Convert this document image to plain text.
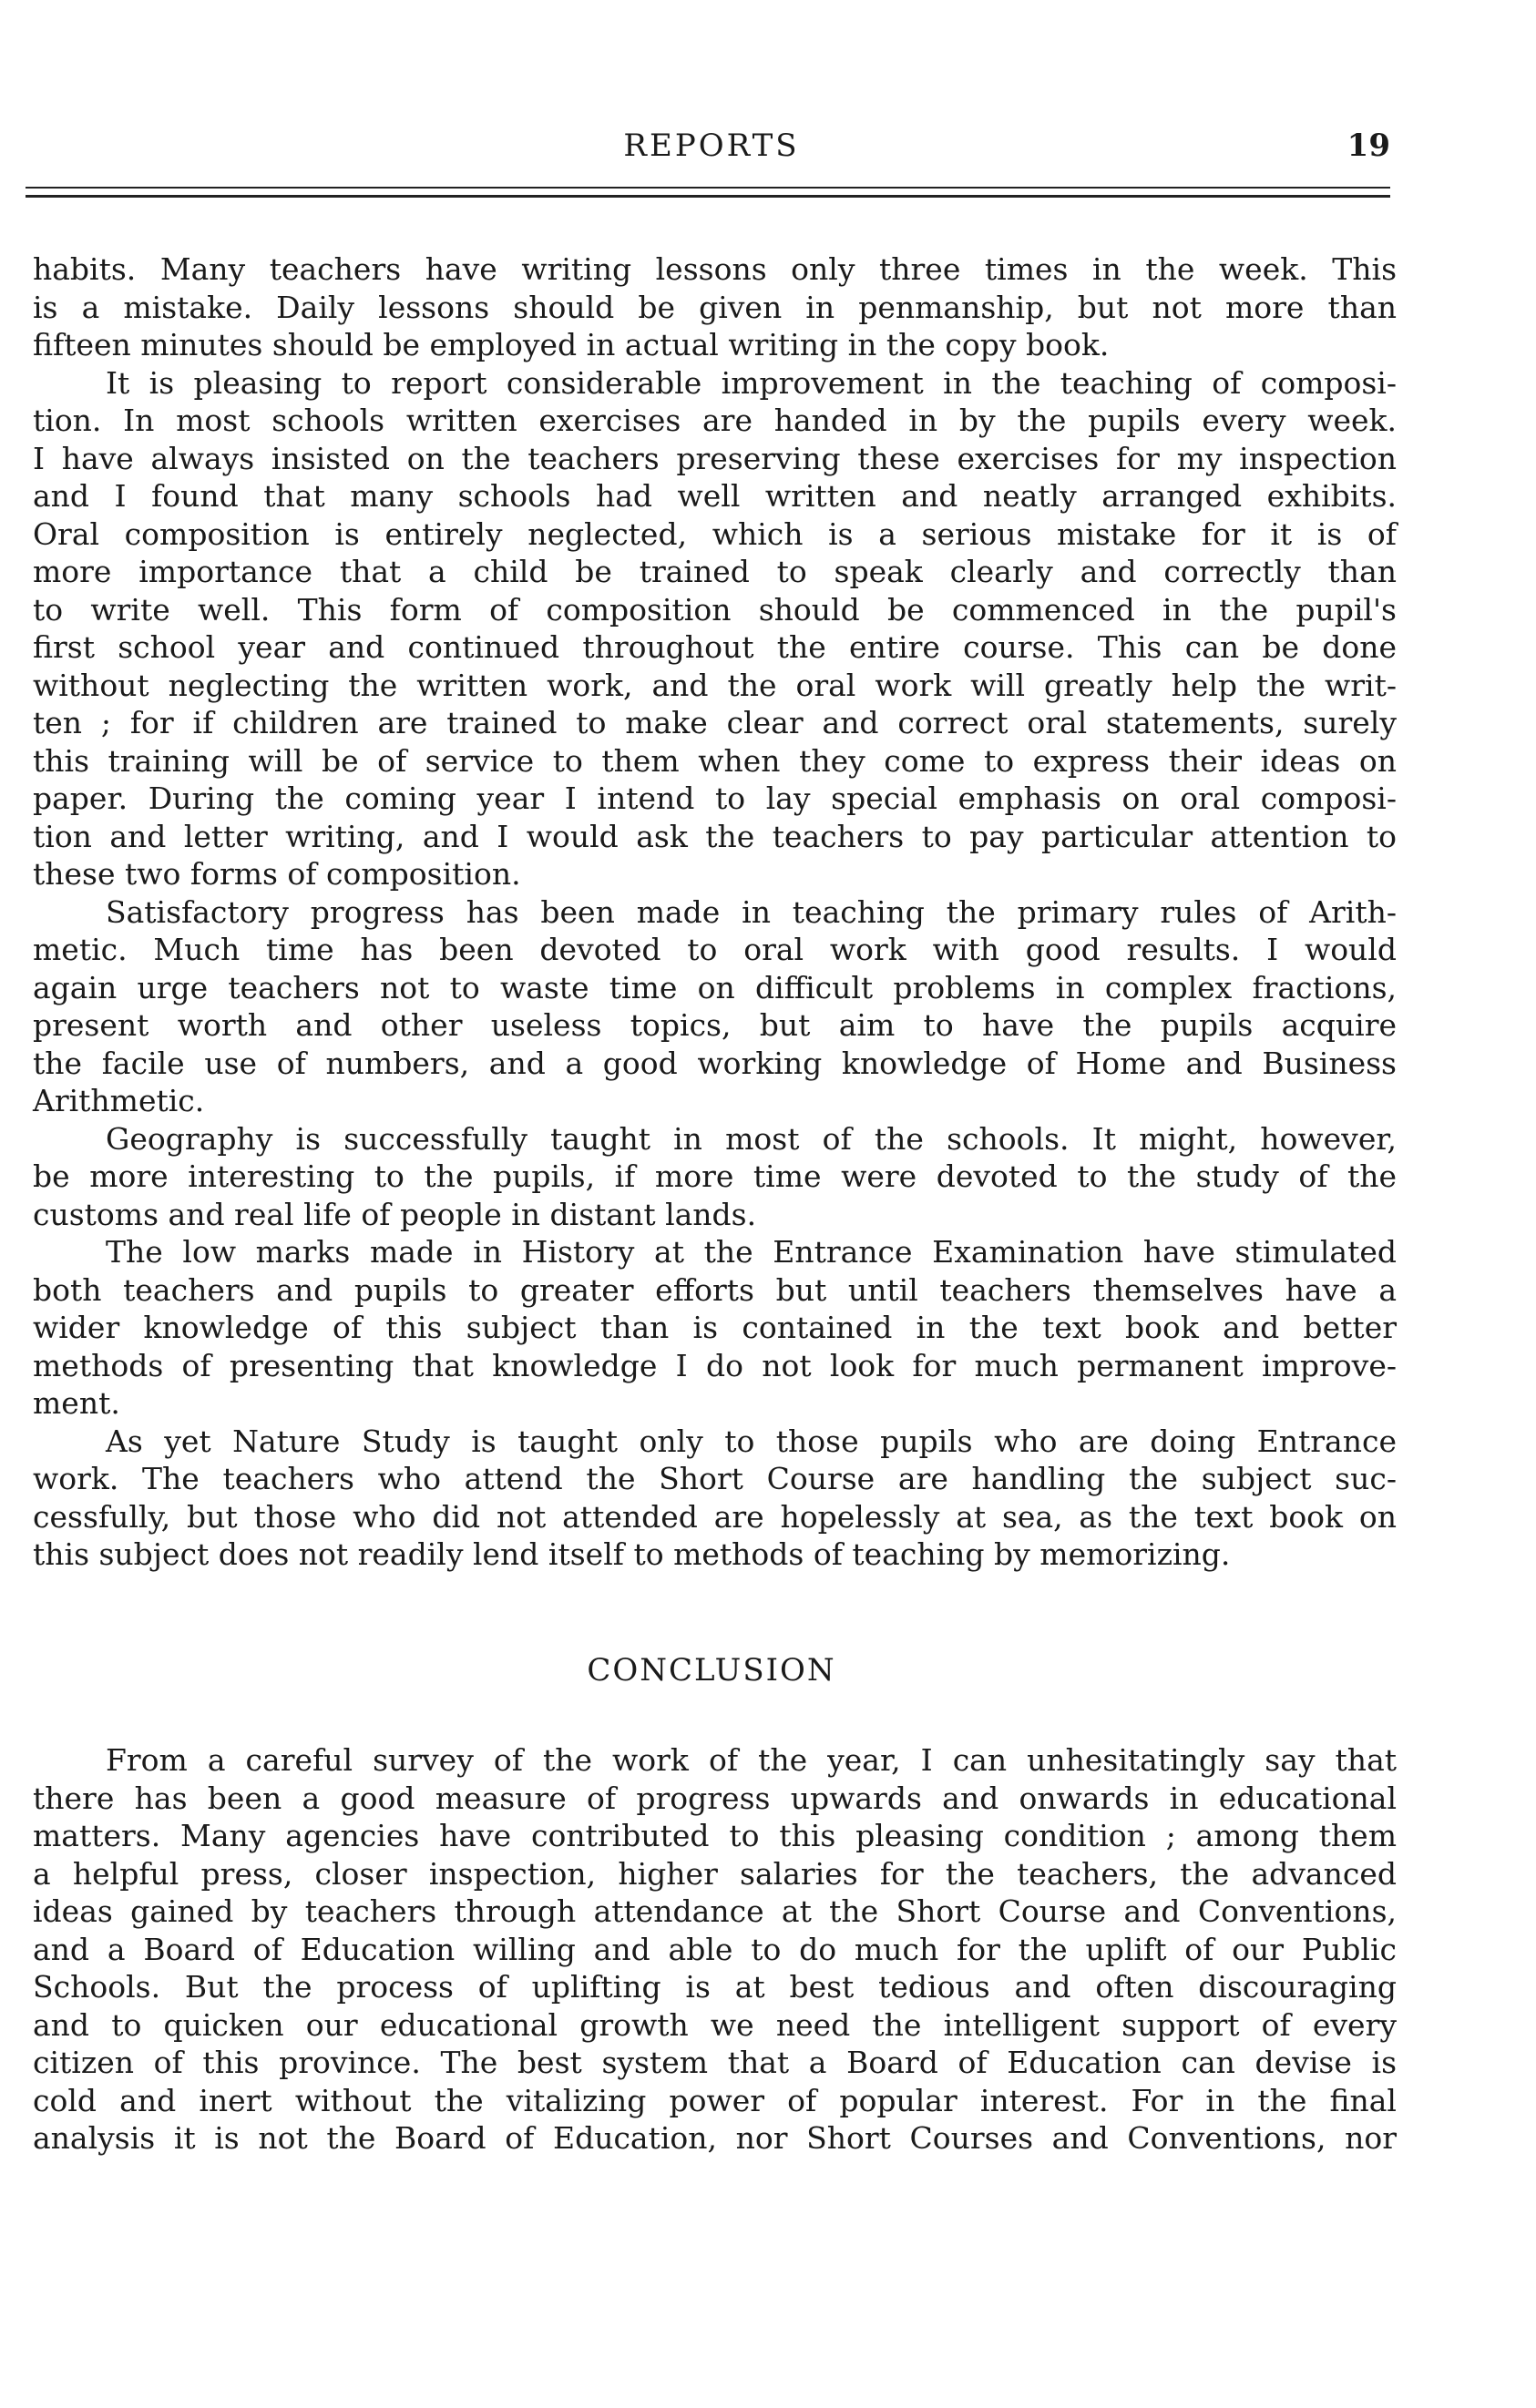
REPORTS	19
habits. Many teachers have writing lessons only three times in the week. This
is a mistake. Daily lessons should be given in penmanship, but not more than
fifteen minutes should be employed in actual writing in the copy book.
It is pleasing to report considerable improvement in the teaching of composi-
tion. In most schools written exercises are handed in by the pupils every week.
I have always insisted on the teachers preserving these exercises for my inspection
and I found that many schools had well written and neatly arranged exhibits.
Oral composition is entirely neglected, which is a serious mistake for it is of
more importance that a child be trained to speak clearly and correctly than
to write well. This form of composition should be commenced in the pupil's
first school year and continued throughout the entire course. This can be done
without neglecting the written work, and the oral work will greatly help the writ-
ten ; for if children are trained to make clear and correct oral statements, surely
this training will be of service to them when they come to express their ideas on
paper. During the coming year I intend to lay special emphasis on oral composi-
tion and letter writing, and I would ask the teachers to pay particular attention to
these two forms of composition.
Satisfactory progress has been made in teaching the primary rules of Arith-
metic. Much time has been devoted to oral work with good results. I would
again urge teachers not to waste time on difficult problems in complex fractions,
present worth and other useless topics, but aim to have the pupils acquire
the facile use of numbers, and a good working knowledge of Home and Business
Arithmetic.
Geography is successfully taught in most of the schools. It might, however,
be more interesting to the pupils, if more time were devoted to the study of the
customs and real life of people in distant lands.
The low marks made in History at the Entrance Examination have stimulated
both teachers and pupils to greater efforts but until teachers themselves have a
wider knowledge of this subject than is contained in the text book and better
methods of presenting that knowledge I do not look for much permanent improve-
ment.
As yet Nature Study is taught only to those pupils who are doing Entrance
work. The teachers who attend the Short Course are handling the subject suc-
cessfully, but those who did not attended are hopelessly at sea, as the text book on
this subject does not readily lend itself to methods of teaching by memorizing.
CONCLUSION
From a careful survey of the work of the year, I can unhesitatingly say that
there has been a good measure of progress upwards and onwards in educational
matters. Many agencies have contributed to this pleasing condition ; among them
a helpful press, closer inspection, higher salaries for the teachers, the advanced
ideas gained by teachers through attendance at the Short Course and Conventions,
and a Board of Education willing and able to do much for the uplift of our Public
Schools. But the process of uplifting is at best tedious and often discouraging
and to quicken our educational growth we need the intelligent support of every
citizen of this province. The best system that a Board of Education can devise is
cold and inert without the vitalizing power of popular interest. For in the final
analysis it is not the Board of Education, nor Short Courses and Conventions, nor
